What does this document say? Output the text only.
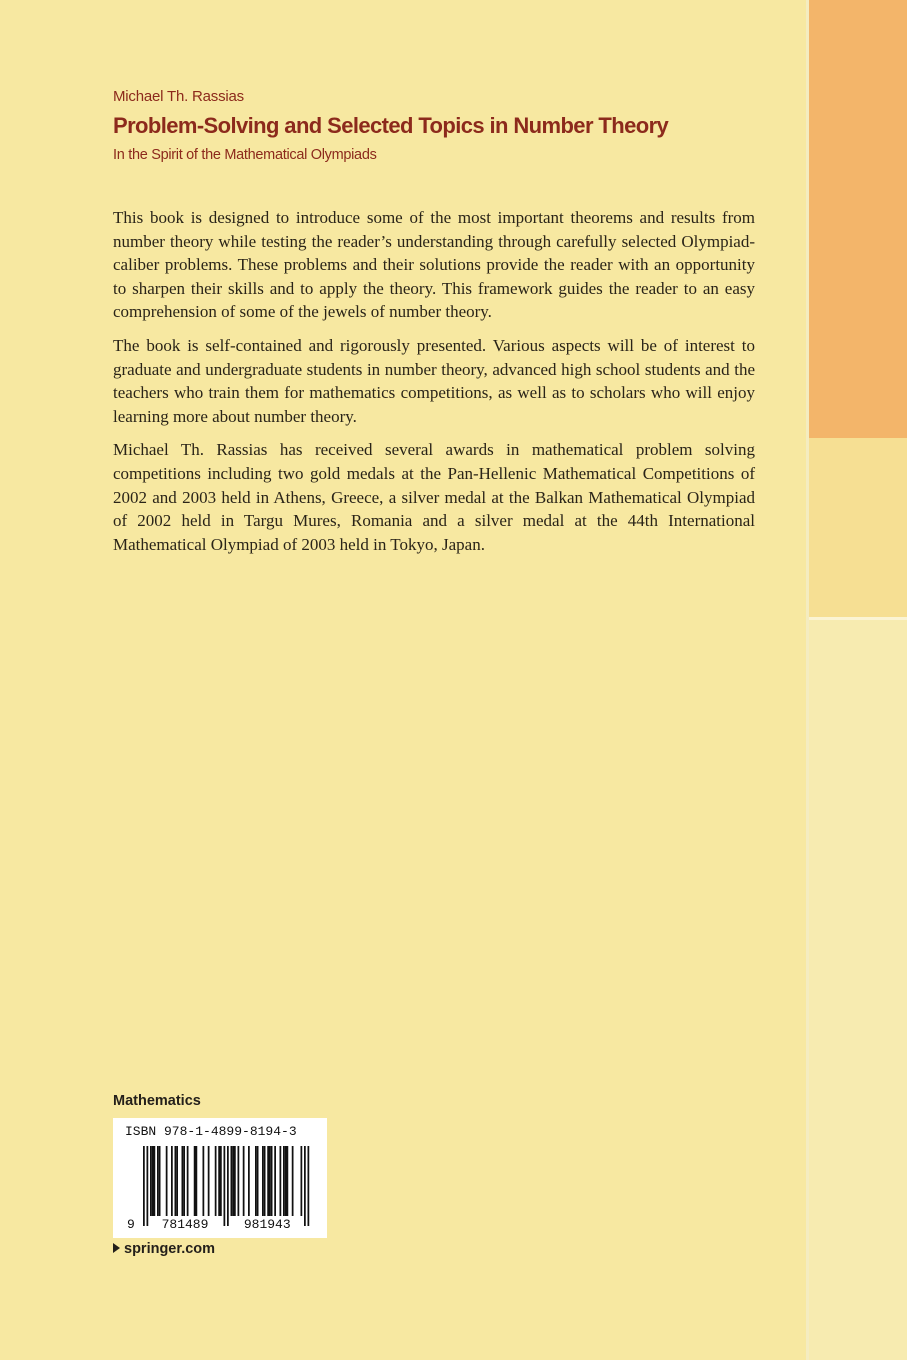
Michael Th. Rassias
Problem-Solving and Selected Topics in Number Theory
In the Spirit of the Mathematical Olympiads

This book is designed to introduce some of the most important theorems and results from number theory while testing the reader’s understanding through carefully selected Olympiad-caliber problems. These problems and their solutions provide the reader with an opportunity to sharpen their skills and to apply the theory. This framework guides the reader to an easy comprehension of some of the jewels of number theory.

The book is self-contained and rigorously presented. Various aspects will be of interest to graduate and undergraduate students in number theory, advanced high school students and the teachers who train them for mathematics competitions, as well as to scholars who will enjoy learning more about number theory.

Michael Th. Rassias has received several awards in mathematical problem solving competitions including two gold medals at the Pan-Hellenic Mathematical Competitions of 2002 and 2003 held in Athens, Greece, a silver medal at the Balkan Mathematical Olympiad of 2002 held in Targu Mures, Romania and a silver medal at the 44th International Mathematical Olympiad of 2003 held in Tokyo, Japan.

Mathematics
ISBN 978-1-4899-8194-3
9 781489	981943
springer.com
